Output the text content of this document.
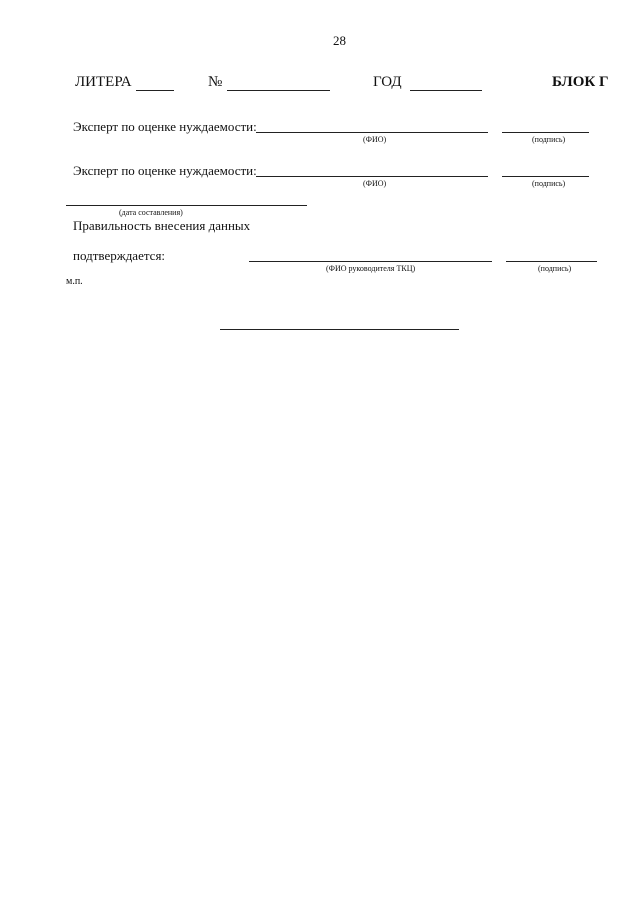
28
ЛИТЕРА	№	ГОД	БЛОК Г
Эксперт по оценке нуждаемости:
(ФИО)	(подпись)
Эксперт по оценке нуждаемости:
(ФИО)	(подпись)
(дата составления)
Правильность внесения данных
подтверждается:
(ФИО руководителя ТКЦ)	(подпись)
м.п.
